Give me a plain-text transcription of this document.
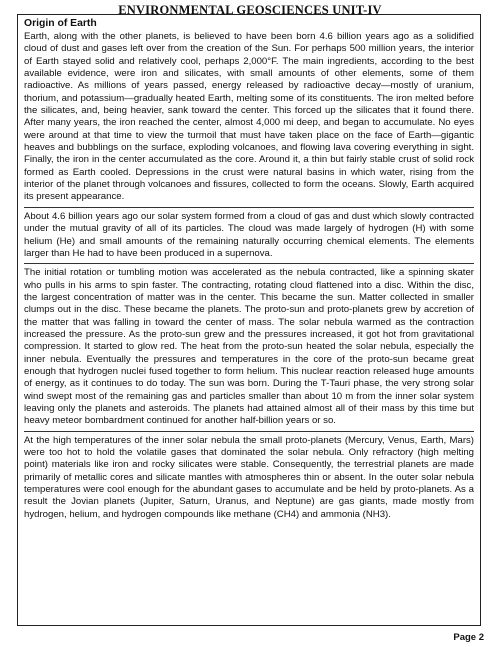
ENVIRONMENTAL GEOSCIENCES UNIT-IV
Origin of Earth

Earth, along with the other planets, is believed to have been born 4.6 billion years ago as a solidified cloud of dust and gases left over from the creation of the Sun. For perhaps 500 million years, the interior of Earth stayed solid and relatively cool, perhaps 2,000°F. The main ingredients, according to the best available evidence, were iron and silicates, with small amounts of other elements, some of them radioactive. As millions of years passed, energy released by radioactive decay—mostly of uranium, thorium, and potassium—gradually heated Earth, melting some of its constituents. The iron melted before the silicates, and, being heavier, sank toward the center. This forced up the silicates that it found there. After many years, the iron reached the center, almost 4,000 mi deep, and began to accumulate. No eyes were around at that time to view the turmoil that must have taken place on the face of Earth—gigantic heaves and bubblings on the surface, exploding volcanoes, and flowing lava covering everything in sight. Finally, the iron in the center accumulated as the core. Around it, a thin but fairly stable crust of solid rock formed as Earth cooled. Depressions in the crust were natural basins in which water, rising from the interior of the planet through volcanoes and fissures, collected to form the oceans. Slowly, Earth acquired its present appearance.

About 4.6 billion years ago our solar system formed from a cloud of gas and dust which slowly contracted under the mutual gravity of all of its particles. The cloud was made largely of hydrogen (H) with some helium (He) and small amounts of the remaining naturally occurring chemical elements. The elements larger than He had to have been produced in a supernova.

The initial rotation or tumbling motion was accelerated as the nebula contracted, like a spinning skater who pulls in his arms to spin faster. The contracting, rotating cloud flattened into a disc. Within the disc, the largest concentration of matter was in the center. This became the sun. Matter collected in smaller clumps out in the disc. These became the planets. The proto-sun and proto-planets grew by accretion of the matter that was falling in toward the center of mass. The solar nebula warmed as the contraction increased the pressure. As the proto-sun grew and the pressures increased, it got hot from gravitational compression. It started to glow red. The heat from the proto-sun heated the solar nebula, especially the inner nebula. Eventually the pressures and temperatures in the core of the proto-sun became great enough that hydrogen nuclei fused together to form helium. This nuclear reaction released huge amounts of energy, as it continues to do today. The sun was born. During the T-Tauri phase, the very strong solar wind swept most of the remaining gas and particles smaller than about 10 m from the inner solar system leaving only the planets and asteroids. The planets had attained almost all of their mass by this time but heavy meteor bombardment continued for another half-billion years or so.

At the high temperatures of the inner solar nebula the small proto-planets (Mercury, Venus, Earth, Mars) were too hot to hold the volatile gases that dominated the solar nebula. Only refractory (high melting point) materials like iron and rocky silicates were stable. Consequently, the terrestrial planets are made primarily of metallic cores and silicate mantles with atmospheres thin or absent. In the outer solar nebula temperatures were cool enough for the abundant gases to accumulate and be held by proto-planets. As a result the Jovian planets (Jupiter, Saturn, Uranus, and Neptune) are gas giants, made mostly from hydrogen, helium, and hydrogen compounds like methane (CH4) and ammonia (NH3).

Page 2
